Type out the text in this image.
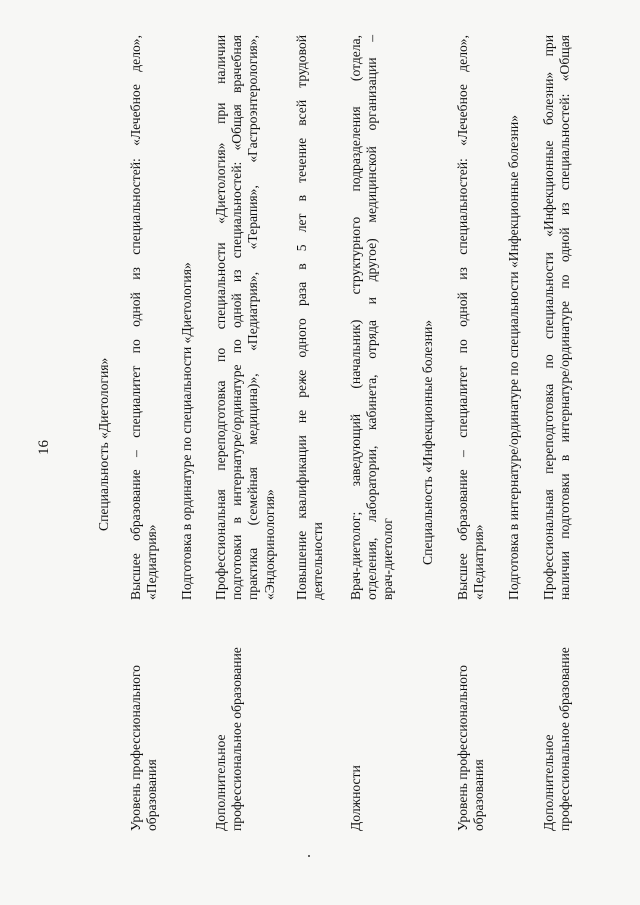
16	Специальность «Диетология»
Уровень профессионального образования
Высшее образование – специалитет по одной из специальностей: «Лечебное дело», «Педиатрия» Подготовка в ординатуре по специальности «Диетология»
Дополнительное профессиональное образование
Профессиональная переподготовка по специальности «Диетология» при наличии подготовки в интернатуре/ординатуре по одной из специальностей: «Общая врачебная практика (семейная медицина)», «Педиатрия», «Терапия», «Гастроэнтерология», «Эндокринология» Повышение квалификации не реже одного раза в 5 лет в течение всей трудовой деятельности
Должности
Врач-диетолог; заведующий (начальник) структурного подразделения (отдела, отделения, лаборатории, кабинета, отряда и другое) медицинской организации – врач-диетолог Специальность «Инфекционные болезни»
Уровень профессионального образования
Высшее образование – специалитет по одной из специальностей: «Лечебное дело», «Педиатрия» Подготовка в интернатуре/ординатуре по специальности «Инфекционные болезни»
Дополнительное профессиональное образование
Профессиональная переподготовка по специальности «Инфекционные болезни» при наличии подготовки в интернатуре/ординатуре по одной из специальностей: «Общая
